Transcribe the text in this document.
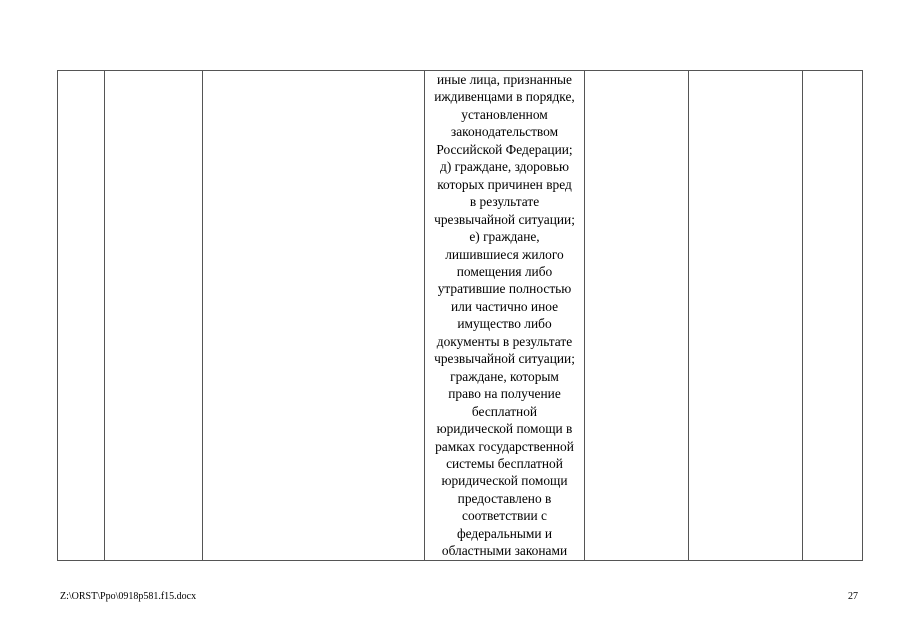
иные лица, признанные
иждивенцами в порядке,
установленном
законодательством
Российской Федерации;
д) граждане, здоровью
которых причинен вред
в результате
чрезвычайной ситуации;
е) граждане,
лишившиеся жилого
помещения либо
утратившие полностью
или частично иное
имущество либо
документы в результате
чрезвычайной ситуации;
граждане, которым
право на получение
бесплатной
юридической помощи в
рамках государственной
системы бесплатной
юридической помощи
предоставлено в
соответствии с
федеральными и
областными законами

Z:\ORST\Ppo\0918p581.f15.docx	27
